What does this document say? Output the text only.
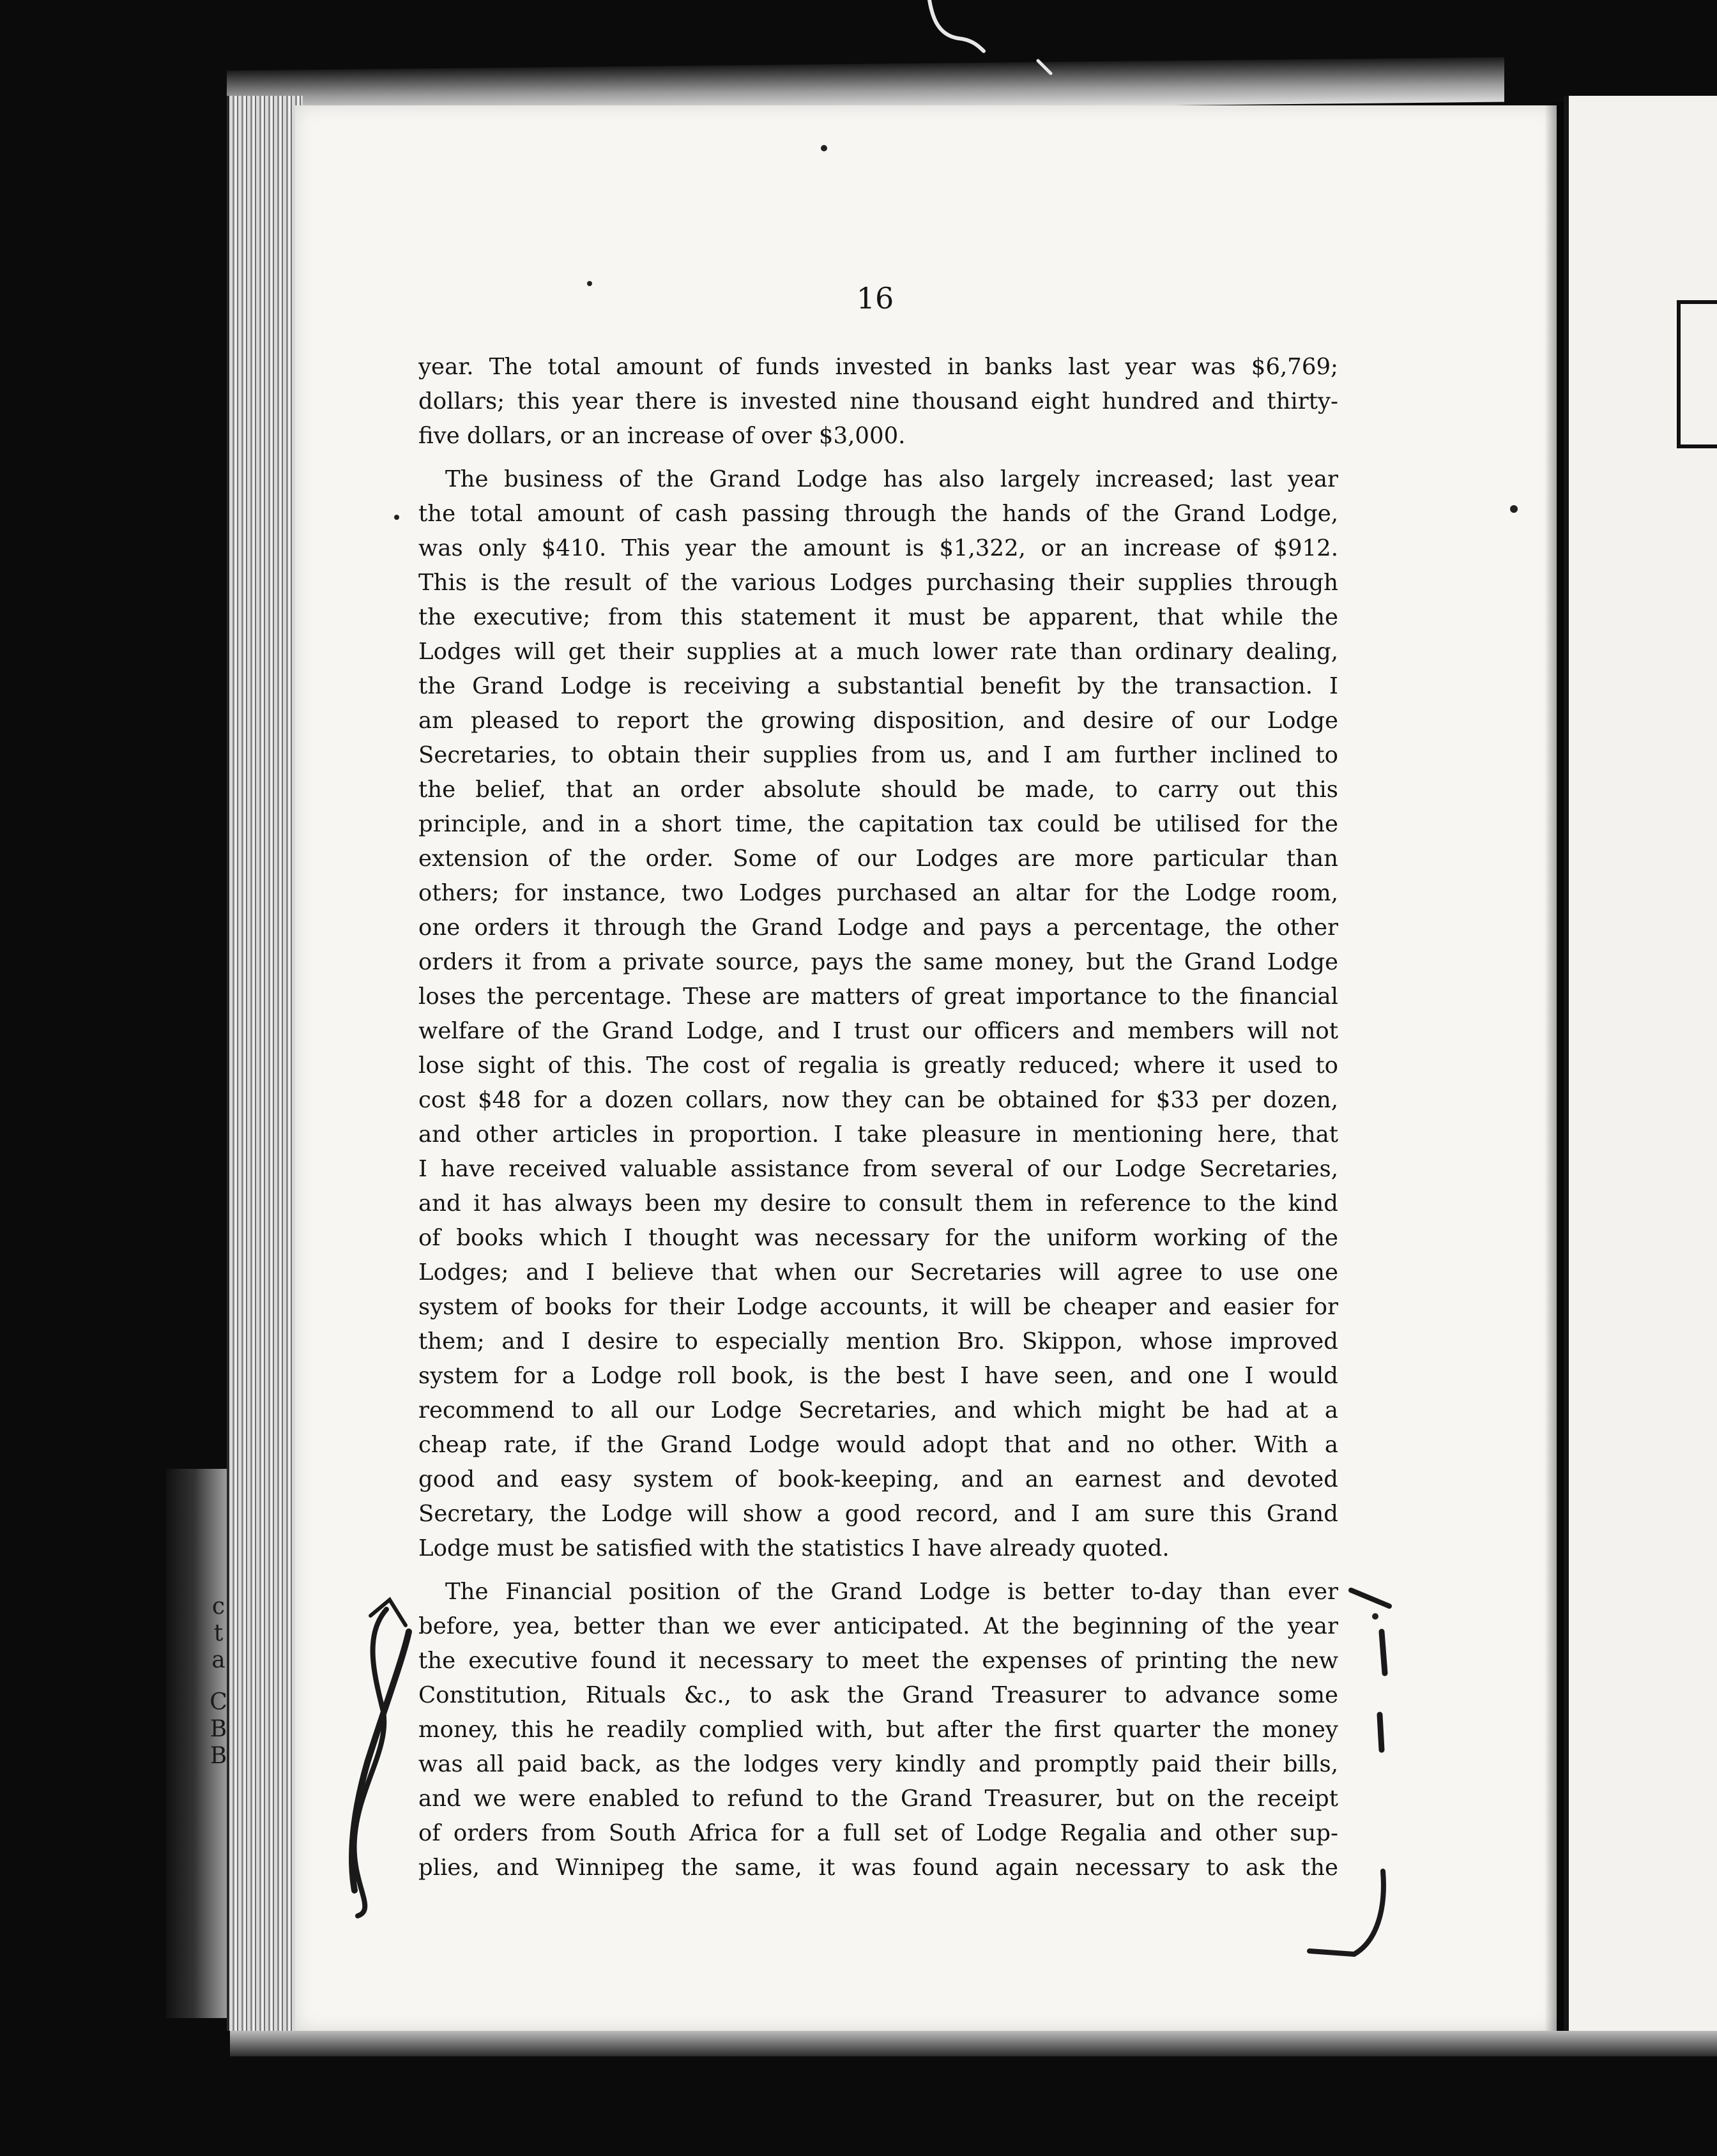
c
t
a
C
B
B
16
year. The total amount of funds invested in banks last year was $6,769;
dollars; this year there is invested nine thousand eight hundred and thirty-
five dollars, or an increase of over $3,000.
The business of the Grand Lodge has also largely increased; last year
the total amount of cash passing through the hands of the Grand Lodge,
was only $410. This year the amount is $1,322, or an increase of $912.
This is the result of the various Lodges purchasing their supplies through
the executive; from this statement it must be apparent, that while the
Lodges will get their supplies at a much lower rate than ordinary dealing,
the Grand Lodge is receiving a substantial benefit by the transaction. I
am pleased to report the growing disposition, and desire of our Lodge
Secretaries, to obtain their supplies from us, and I am further inclined to
the belief, that an order absolute should be made, to carry out this
principle, and in a short time, the capitation tax could be utilised for the
extension of the order. Some of our Lodges are more particular than
others; for instance, two Lodges purchased an altar for the Lodge room,
one orders it through the Grand Lodge and pays a percentage, the other
orders it from a private source, pays the same money, but the Grand Lodge
loses the percentage. These are matters of great importance to the financial
welfare of the Grand Lodge, and I trust our officers and members will not
lose sight of this. The cost of regalia is greatly reduced; where it used to
cost $48 for a dozen collars, now they can be obtained for $33 per dozen,
and other articles in proportion. I take pleasure in mentioning here, that
I have received valuable assistance from several of our Lodge Secretaries,
and it has always been my desire to consult them in reference to the kind
of books which I thought was necessary for the uniform working of the
Lodges; and I believe that when our Secretaries will agree to use one
system of books for their Lodge accounts, it will be cheaper and easier for
them; and I desire to especially mention Bro. Skippon, whose improved
system for a Lodge roll book, is the best I have seen, and one I would
recommend to all our Lodge Secretaries, and which might be had at a
cheap rate, if the Grand Lodge would adopt that and no other. With a
good and easy system of book-keeping, and an earnest and devoted
Secretary, the Lodge will show a good record, and I am sure this Grand
Lodge must be satisfied with the statistics I have already quoted.
The Financial position of the Grand Lodge is better to-day than ever
before, yea, better than we ever anticipated. At the beginning of the year
the executive found it necessary to meet the expenses of printing the new
Constitution, Rituals &c., to ask the Grand Treasurer to advance some
money, this he readily complied with, but after the first quarter the money
was all paid back, as the lodges very kindly and promptly paid their bills,
and we were enabled to refund to the Grand Treasurer, but on the receipt
of orders from South Africa for a full set of Lodge Regalia and other sup-
plies, and Winnipeg the same, it was found again necessary to ask the
